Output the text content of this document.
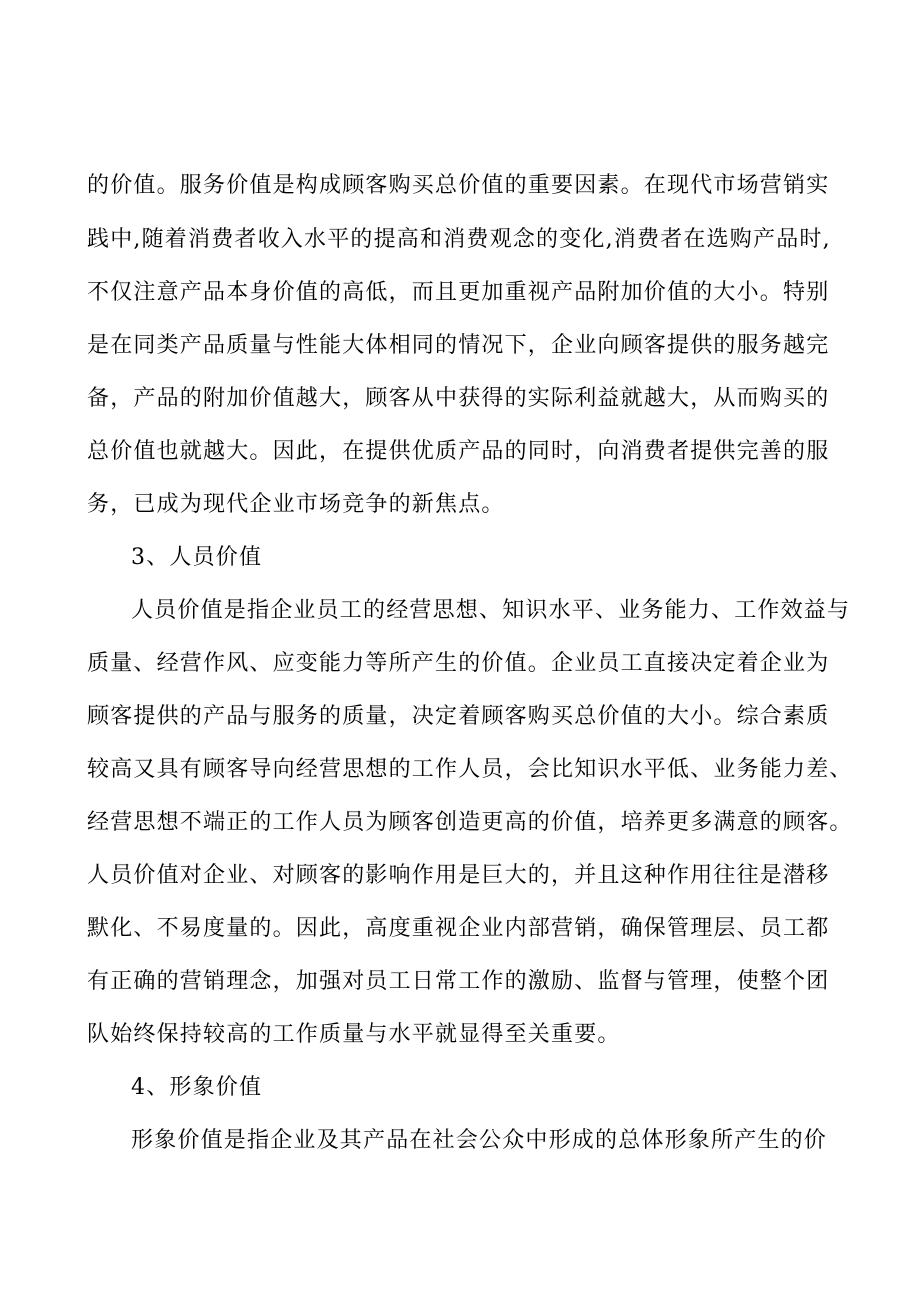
的价值。服务价值是构成顾客购买总价值的重要因素。在现代市场营销实
践中,随着消费者收入水平的提高和消费观念的变化,消费者在选购产品时,
不仅注意产品本身价值的高低，而且更加重视产品附加价值的大小。特别
是在同类产品质量与性能大体相同的情况下，企业向顾客提供的服务越完
备，产品的附加价值越大，顾客从中获得的实际利益就越大，从而购买的
总价值也就越大。因此，在提供优质产品的同时，向消费者提供完善的服
务，已成为现代企业市场竞争的新焦点。
3、人员价值
人员价值是指企业员工的经营思想、知识水平、业务能力、工作效益与
质量、经营作风、应变能力等所产生的价值。企业员工直接决定着企业为
顾客提供的产品与服务的质量，决定着顾客购买总价值的大小。综合素质
较高又具有顾客导向经营思想的工作人员，会比知识水平低、业务能力差、
经营思想不端正的工作人员为顾客创造更高的价值，培养更多满意的顾客。
人员价值对企业、对顾客的影响作用是巨大的，并且这种作用往往是潜移
默化、不易度量的。因此，高度重视企业内部营销，确保管理层、员工都
有正确的营销理念，加强对员工日常工作的激励、监督与管理，使整个团
队始终保持较高的工作质量与水平就显得至关重要。
4、形象价值
形象价值是指企业及其产品在社会公众中形成的总体形象所产生的价
